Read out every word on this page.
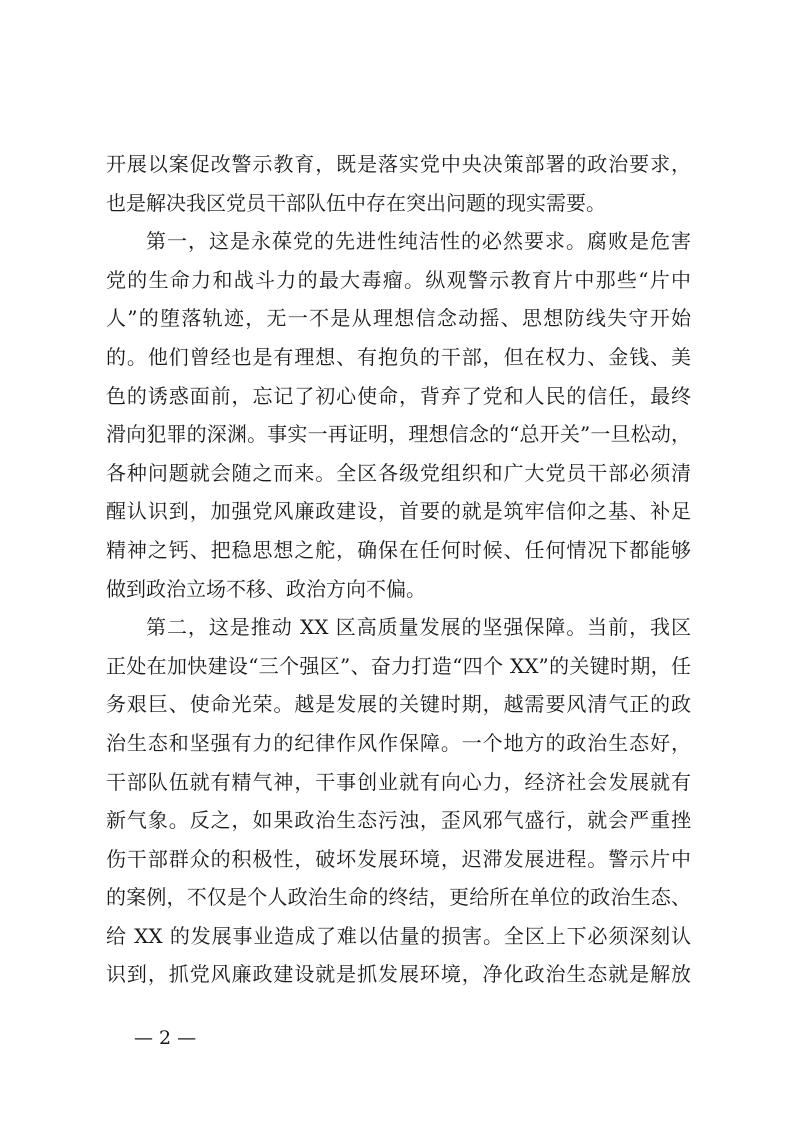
开展以案促改警示教育，既是落实党中央决策部署的政治要求，
也是解决我区党员干部队伍中存在突出问题的现实需要。
第一，这是永葆党的先进性纯洁性的必然要求。腐败是危害
党的生命力和战斗力的最大毒瘤。纵观警示教育片中那些“片中
人”的堕落轨迹，无一不是从理想信念动摇、思想防线失守开始
的。他们曾经也是有理想、有抱负的干部，但在权力、金钱、美
色的诱惑面前，忘记了初心使命，背弃了党和人民的信任，最终
滑向犯罪的深渊。事实一再证明，理想信念的“总开关”一旦松动，
各种问题就会随之而来。全区各级党组织和广大党员干部必须清
醒认识到，加强党风廉政建设，首要的就是筑牢信仰之基、补足
精神之钙、把稳思想之舵，确保在任何时候、任何情况下都能够
做到政治立场不移、政治方向不偏。
第二，这是推动 XX 区高质量发展的坚强保障。当前，我区
正处在加快建设“三个强区”、奋力打造“四个 XX”的关键时期，任
务艰巨、使命光荣。越是发展的关键时期，越需要风清气正的政
治生态和坚强有力的纪律作风作保障。一个地方的政治生态好，
干部队伍就有精气神，干事创业就有向心力，经济社会发展就有
新气象。反之，如果政治生态污浊，歪风邪气盛行，就会严重挫
伤干部群众的积极性，破坏发展环境，迟滞发展进程。警示片中
的案例，不仅是个人政治生命的终结，更给所在单位的政治生态、
给 XX 的发展事业造成了难以估量的损害。全区上下必须深刻认
识到，抓党风廉政建设就是抓发展环境，净化政治生态就是解放
— 2 —
